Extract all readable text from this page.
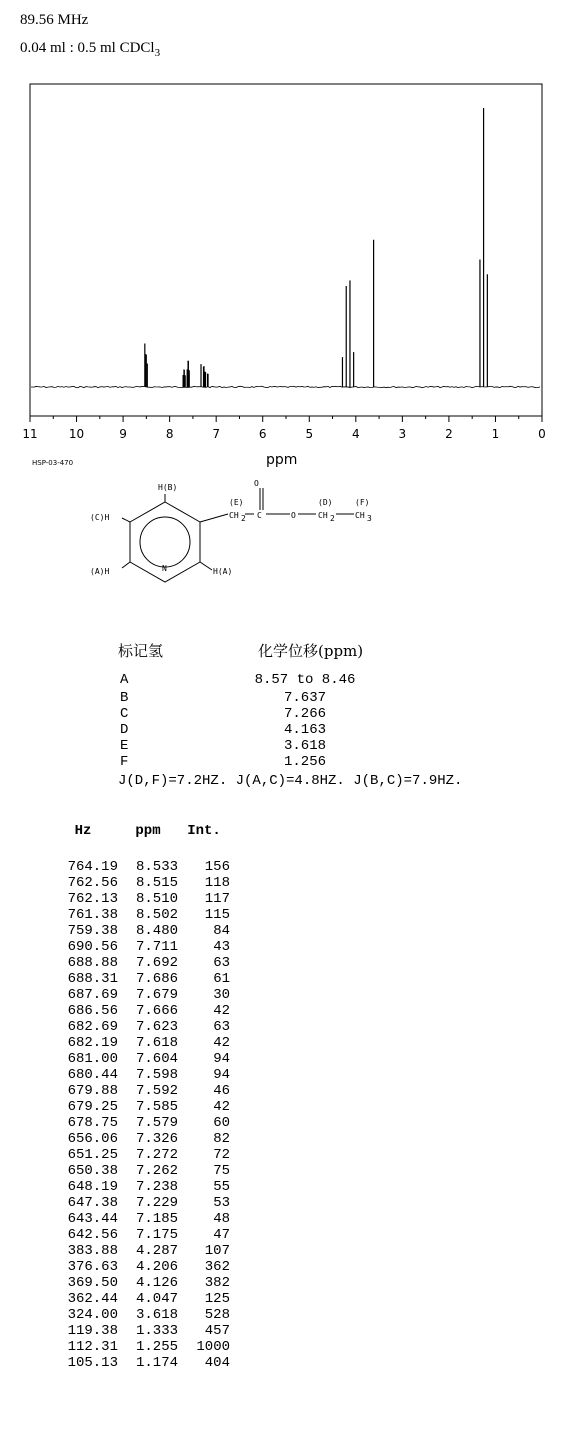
89.56 MHz
0.04 ml : 0.5 ml CDCl$_3$
11	10	9	8	7	6	5	4	3	2	1	0
ppm
HSP-03-470
H(B)
(C)H
(A)H	H(A)
N
(E)
O
CH 2 C	O
(D)
CH 2
(F)
CH 3
标记氢	化学位移(ppm)
A	8.57 to 8.46
B	7.637
C	7.266
D	4.163
E	3.618
F	1.256
J(D,F)=7.2HZ. J(A,C)=4.8HZ. J(B,C)=7.9HZ.
Hz	ppm	Int.

764.19	8.533	156
762.56	8.515	118
762.13	8.510	117
761.38	8.502	115
759.38	8.480	84
690.56	7.711	43
688.88	7.692	63
688.31	7.686	61
687.69	7.679	30
686.56	7.666	42
682.69	7.623	63
682.19	7.618	42
681.00	7.604	94
680.44	7.598	94
679.88	7.592	46
679.25	7.585	42
678.75	7.579	60
656.06	7.326	82
651.25	7.272	72
650.38	7.262	75
648.19	7.238	55
647.38	7.229	53
643.44	7.185	48
642.56	7.175	47
383.88	4.287	107
376.63	4.206	362
369.50	4.126	382
362.44	4.047	125
324.00	3.618	528
119.38	1.333	457
112.31	1.255	1000
105.13	1.174	404
